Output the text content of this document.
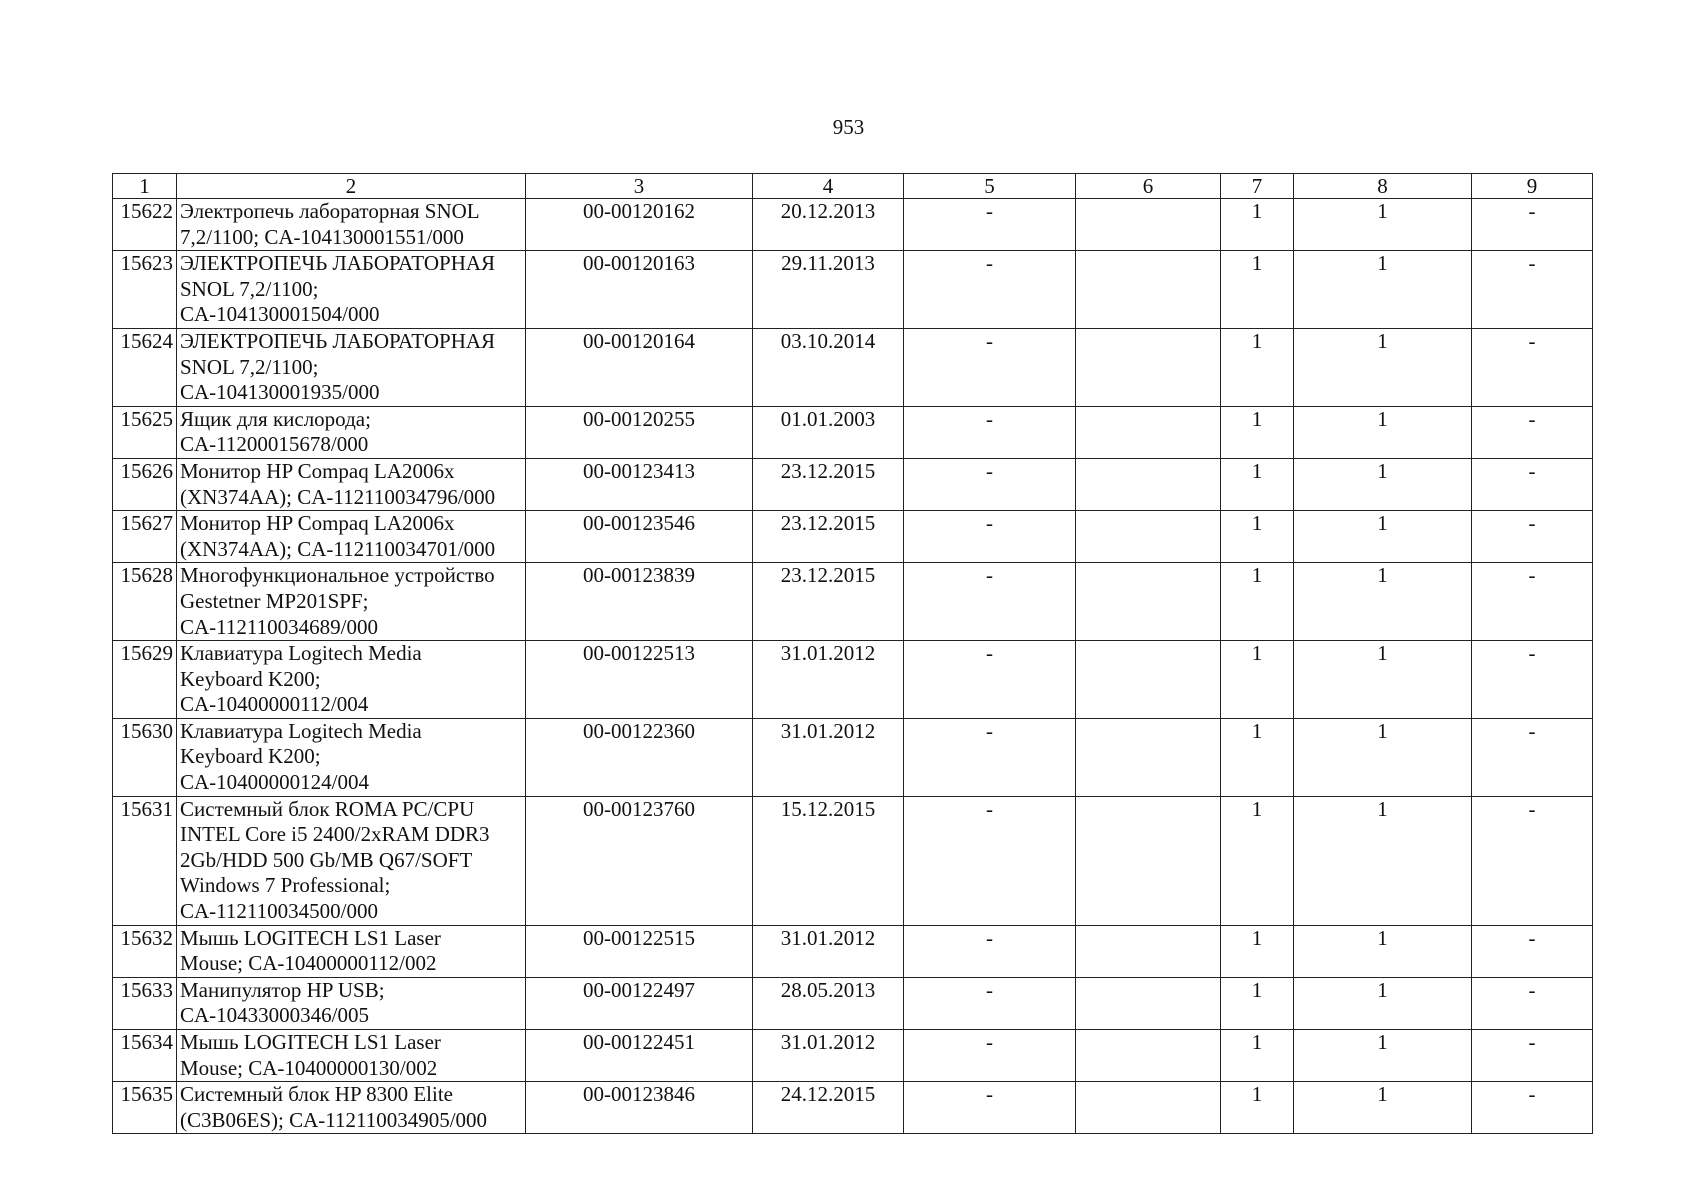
953
1	2	3	4	5	6	7	8	9
15622	Электропечь лабораторная SNOL
7,2/1100; CA-104130001551/000	00-00120162	20.12.2013	-		1	1	-
15623	ЭЛЕКТРОПЕЧЬ ЛАБОРАТОРНАЯ
SNOL 7,2/1100;
CA-104130001504/000	00-00120163	29.11.2013	-		1	1	-
15624	ЭЛЕКТРОПЕЧЬ ЛАБОРАТОРНАЯ
SNOL 7,2/1100;
CA-104130001935/000	00-00120164	03.10.2014	-		1	1	-
15625	Ящик для кислорода;
CA-11200015678/000	00-00120255	01.01.2003	-		1	1	-
15626	Монитор HP Compaq LA2006x
(XN374AA); CA-112110034796/000	00-00123413	23.12.2015	-		1	1	-
15627	Монитор HP Compaq LA2006x
(XN374AA); CA-112110034701/000	00-00123546	23.12.2015	-		1	1	-
15628	Многофункциональное устройство
Gestetner MP201SPF;
CA-112110034689/000	00-00123839	23.12.2015	-		1	1	-
15629	Клавиатура Logitech Media
Keyboard K200;
CA-10400000112/004	00-00122513	31.01.2012	-		1	1	-
15630	Клавиатура Logitech Media
Keyboard K200;
CA-10400000124/004	00-00122360	31.01.2012	-		1	1	-
15631	Системный блок ROMA PC/CPU
INTEL Core i5 2400/2xRAM DDR3
2Gb/HDD 500 Gb/MB Q67/SOFT
Windows 7 Professional;
CA-112110034500/000	00-00123760	15.12.2015	-		1	1	-
15632	Мышь LOGITECH LS1 Laser
Mouse; CA-10400000112/002	00-00122515	31.01.2012	-		1	1	-
15633	Манипулятор HP USB;
CA-10433000346/005	00-00122497	28.05.2013	-		1	1	-
15634	Мышь LOGITECH LS1 Laser
Mouse; CA-10400000130/002	00-00122451	31.01.2012	-		1	1	-
15635	Системный блок HP 8300 Elite
(C3B06ES); CA-112110034905/000	00-00123846	24.12.2015	-		1	1	-
